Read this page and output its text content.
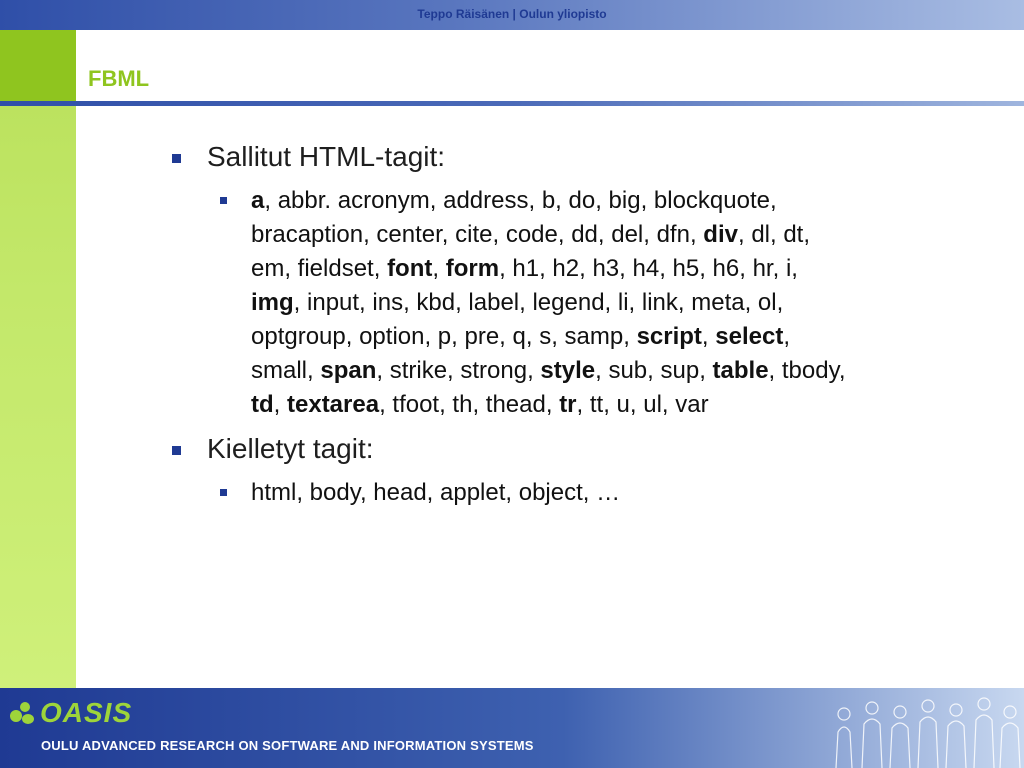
Teppo Räisänen | Oulun yliopisto
FBML
Sallitut HTML-tagit:
a, abbr. acronym, address, b, do, big, blockquote, bracaption, center, cite, code, dd, del, dfn, div, dl, dt, em, fieldset, font, form, h1, h2, h3, h4, h5, h6, hr, i, img, input, ins, kbd, label, legend, li, link, meta, ol, optgroup, option, p, pre, q, s, samp, script, select, small, span, strike, strong, style, sub, sup, table, tbody, td, textarea, tfoot, th, thead, tr, tt, u, ul, var
Kielletyt tagit:
html, body, head, applet, object, …
OASIS
OULU ADVANCED RESEARCH ON SOFTWARE AND INFORMATION SYSTEMS
